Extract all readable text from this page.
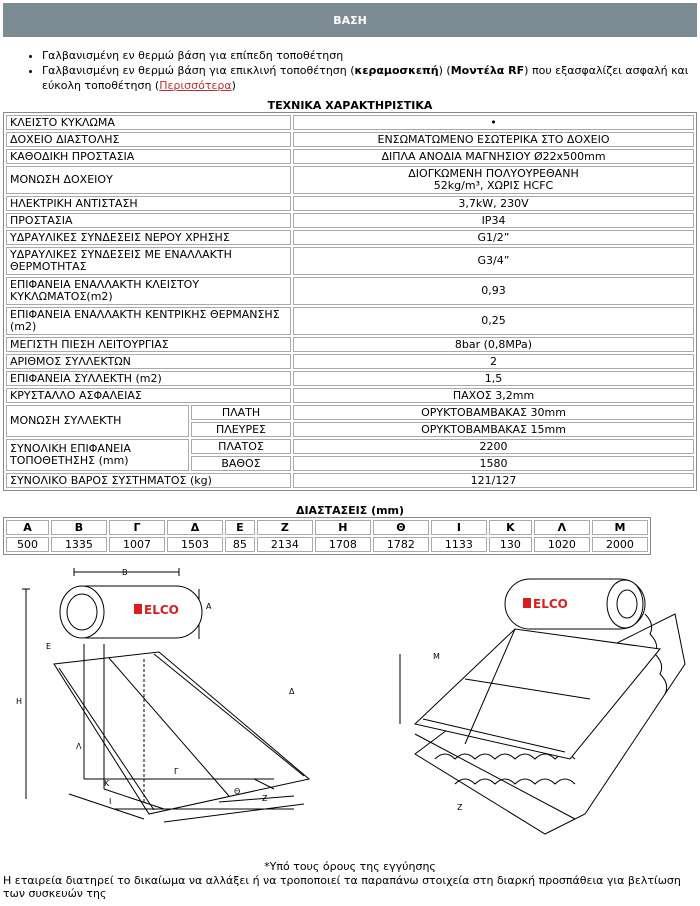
ΒΑΣΗ
• Γαλβανισμένη εν θερμώ βάση για επίπεδη τοποθέτηση
• Γαλβανισμένη εν θερμώ βάση για επικλινή τοποθέτηση (κεραμοσκεπή) (Μοντέλα RF) που εξασφαλίζει ασφαλή και εύκολη τοποθέτηση (Περισσότερα)
ΤΕΧΝΙΚΑ ΧΑΡΑΚΤΗΡΙΣΤΙΚΑ
ΚΛΕΙΣΤΟ ΚΥΚΛΩΜΑ		•

ΔΟΧΕΙΟ ΔΙΑΣΤΟΛΗΣ		ΕΝΣΩΜΑΤΩΜΕΝΟ ΕΣΩΤΕΡΙΚΑ ΣΤΟ ΔΟΧΕΙΟ

ΚΑΘΟΔΙΚΗ ΠΡΟΣΤΑΣΙΑ		ΔΙΠΛΑ ΑΝΟΔΙΑ ΜΑΓΝΗΣΙΟΥ Ø22x500mm

ΜΟΝΩΣΗ ΔΟΧΕΙΟΥ		ΔΙΟΓΚΩΜΕΝΗ ΠΟΛΥΟΥΡΕΘΑΝΗ
52kg/m³, ΧΩΡΙΣ HCFC

ΗΛΕΚΤΡΙΚΗ ΑΝΤΙΣΤΑΣΗ		3,7kW, 230V

ΠΡΟΣΤΑΣΙΑ		IP34

ΥΔΡΑΥΛΙΚΕΣ ΣΥΝΔΕΣΕΙΣ ΝΕΡΟΥ ΧΡΗΣΗΣ		G1/2”

ΥΔΡΑΥΛΙΚΕΣ ΣΥΝΔΕΣΕΙΣ ΜΕ ΕΝΑΛΛΑΚΤΗ ΘΕΡΜΟΤΗΤΑΣ		G3/4”

ΕΠΙΦΑΝΕΙΑ ΕΝΑΛΛΑΚΤΗ ΚΛΕΙΣΤΟΥ ΚΥΚΛΩΜΑΤΟΣ(m2)		0,93

ΕΠΙΦΑΝΕΙΑ ΕΝΑΛΛΑΚΤΗ ΚΕΝΤΡΙΚΗΣ ΘΕΡΜΑΝΣΗΣ (m2)		0,25

ΜΕΓΙΣΤΗ ΠΙΕΣΗ ΛΕΙΤΟΥΡΓΙΑΣ		8bar (0,8MPa)

ΑΡΙΘΜΟΣ ΣΥΛΛΕΚΤΩΝ		2

ΕΠΙΦΑΝΕΙΑ ΣΥΛΛΕΚΤΗ (m2)		1,5

ΚΡΥΣΤΑΛΛΟ ΑΣΦΑΛΕΙΑΣ		ΠΑΧΟΣ 3,2mm

ΜΟΝΩΣΗ ΣΥΛΛΕΚΤΗ	ΠΛΑΤΗ	ΟΡΥΚΤΟΒΑΜΒΑΚΑΣ 30mm
	ΠΛΕΥΡΕΣ	ΟΡΥΚΤΟΒΑΜΒΑΚΑΣ 15mm
ΣΥΝΟΛΙΚΗ ΕΠΙΦΑΝΕΙΑ ΤΟΠΟΘΕΤΗΣΗΣ (mm)	ΠΛΑΤΟΣ	2200
	ΒΑΘΟΣ	1580
ΣΥΝΟΛΙΚΟ ΒΑΡΟΣ ΣΥΣΤΗΜΑΤΟΣ (kg)		121/127
ΔΙΑΣΤΑΣΕΙΣ (mm)
Α	Β	Γ	Δ	Ε	Ζ	Η	Θ	Ι	Κ	Λ	Μ
500	1335	1007	1503	85	2134	1708	1782	1133	130	1020	2000
ELCO
Β
Α
Η
Ε
Δ
Λ
Γ
Κ
Ι
Θ
Ζ
ELCO
Μ
Ζ
*Υπό τους όρους της εγγύησης
Η εταιρεία διατηρεί το δικαίωμα να αλλάξει ή να τροποποιεί τα παραπάνω στοιχεία στη διαρκή προσπάθεια για βελτίωση των συσκευών της
